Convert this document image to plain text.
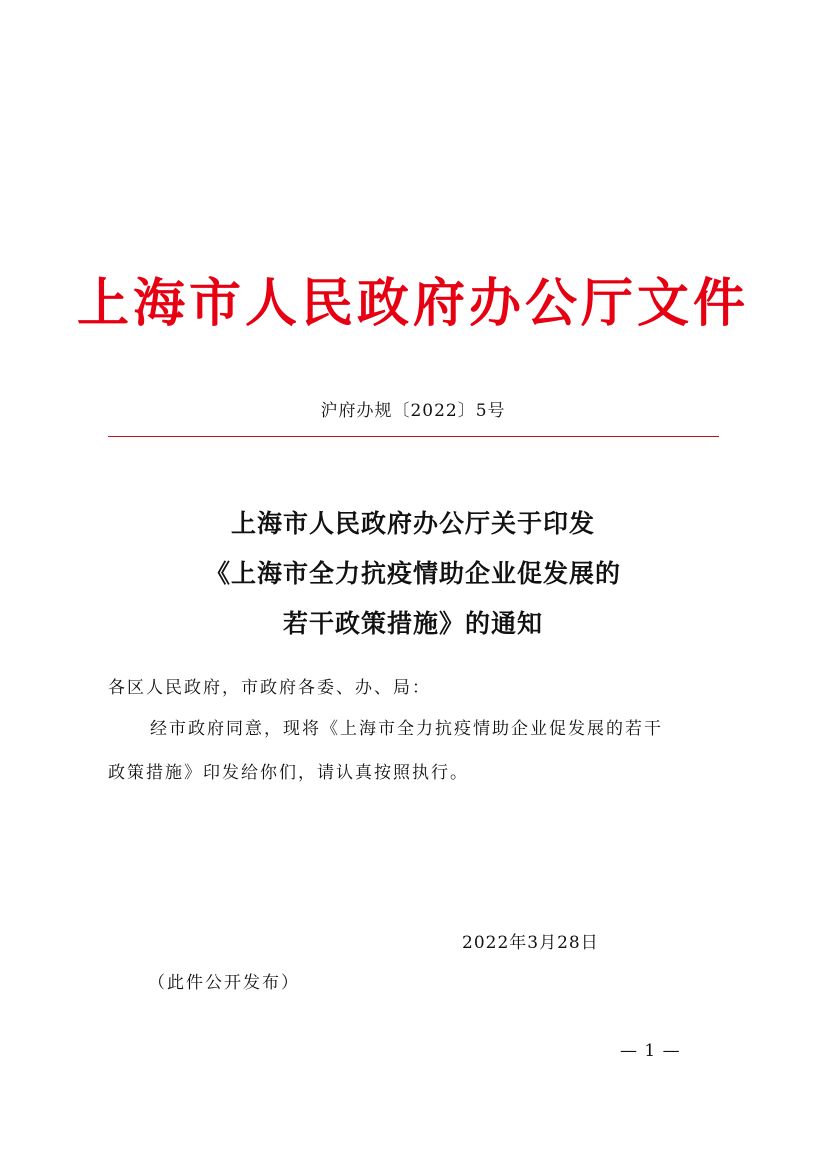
上海市人民政府办公厅文件
沪府办规〔2022〕5号
上海市人民政府办公厅关于印发
《上海市全力抗疫情助企业促发展的
若干政策措施》的通知
各区人民政府，市政府各委、办、局：
经市政府同意，现将《上海市全力抗疫情助企业促发展的若干
政策措施》印发给你们，请认真按照执行。
2022年3月28日
（此件公开发布）
— 1 —
